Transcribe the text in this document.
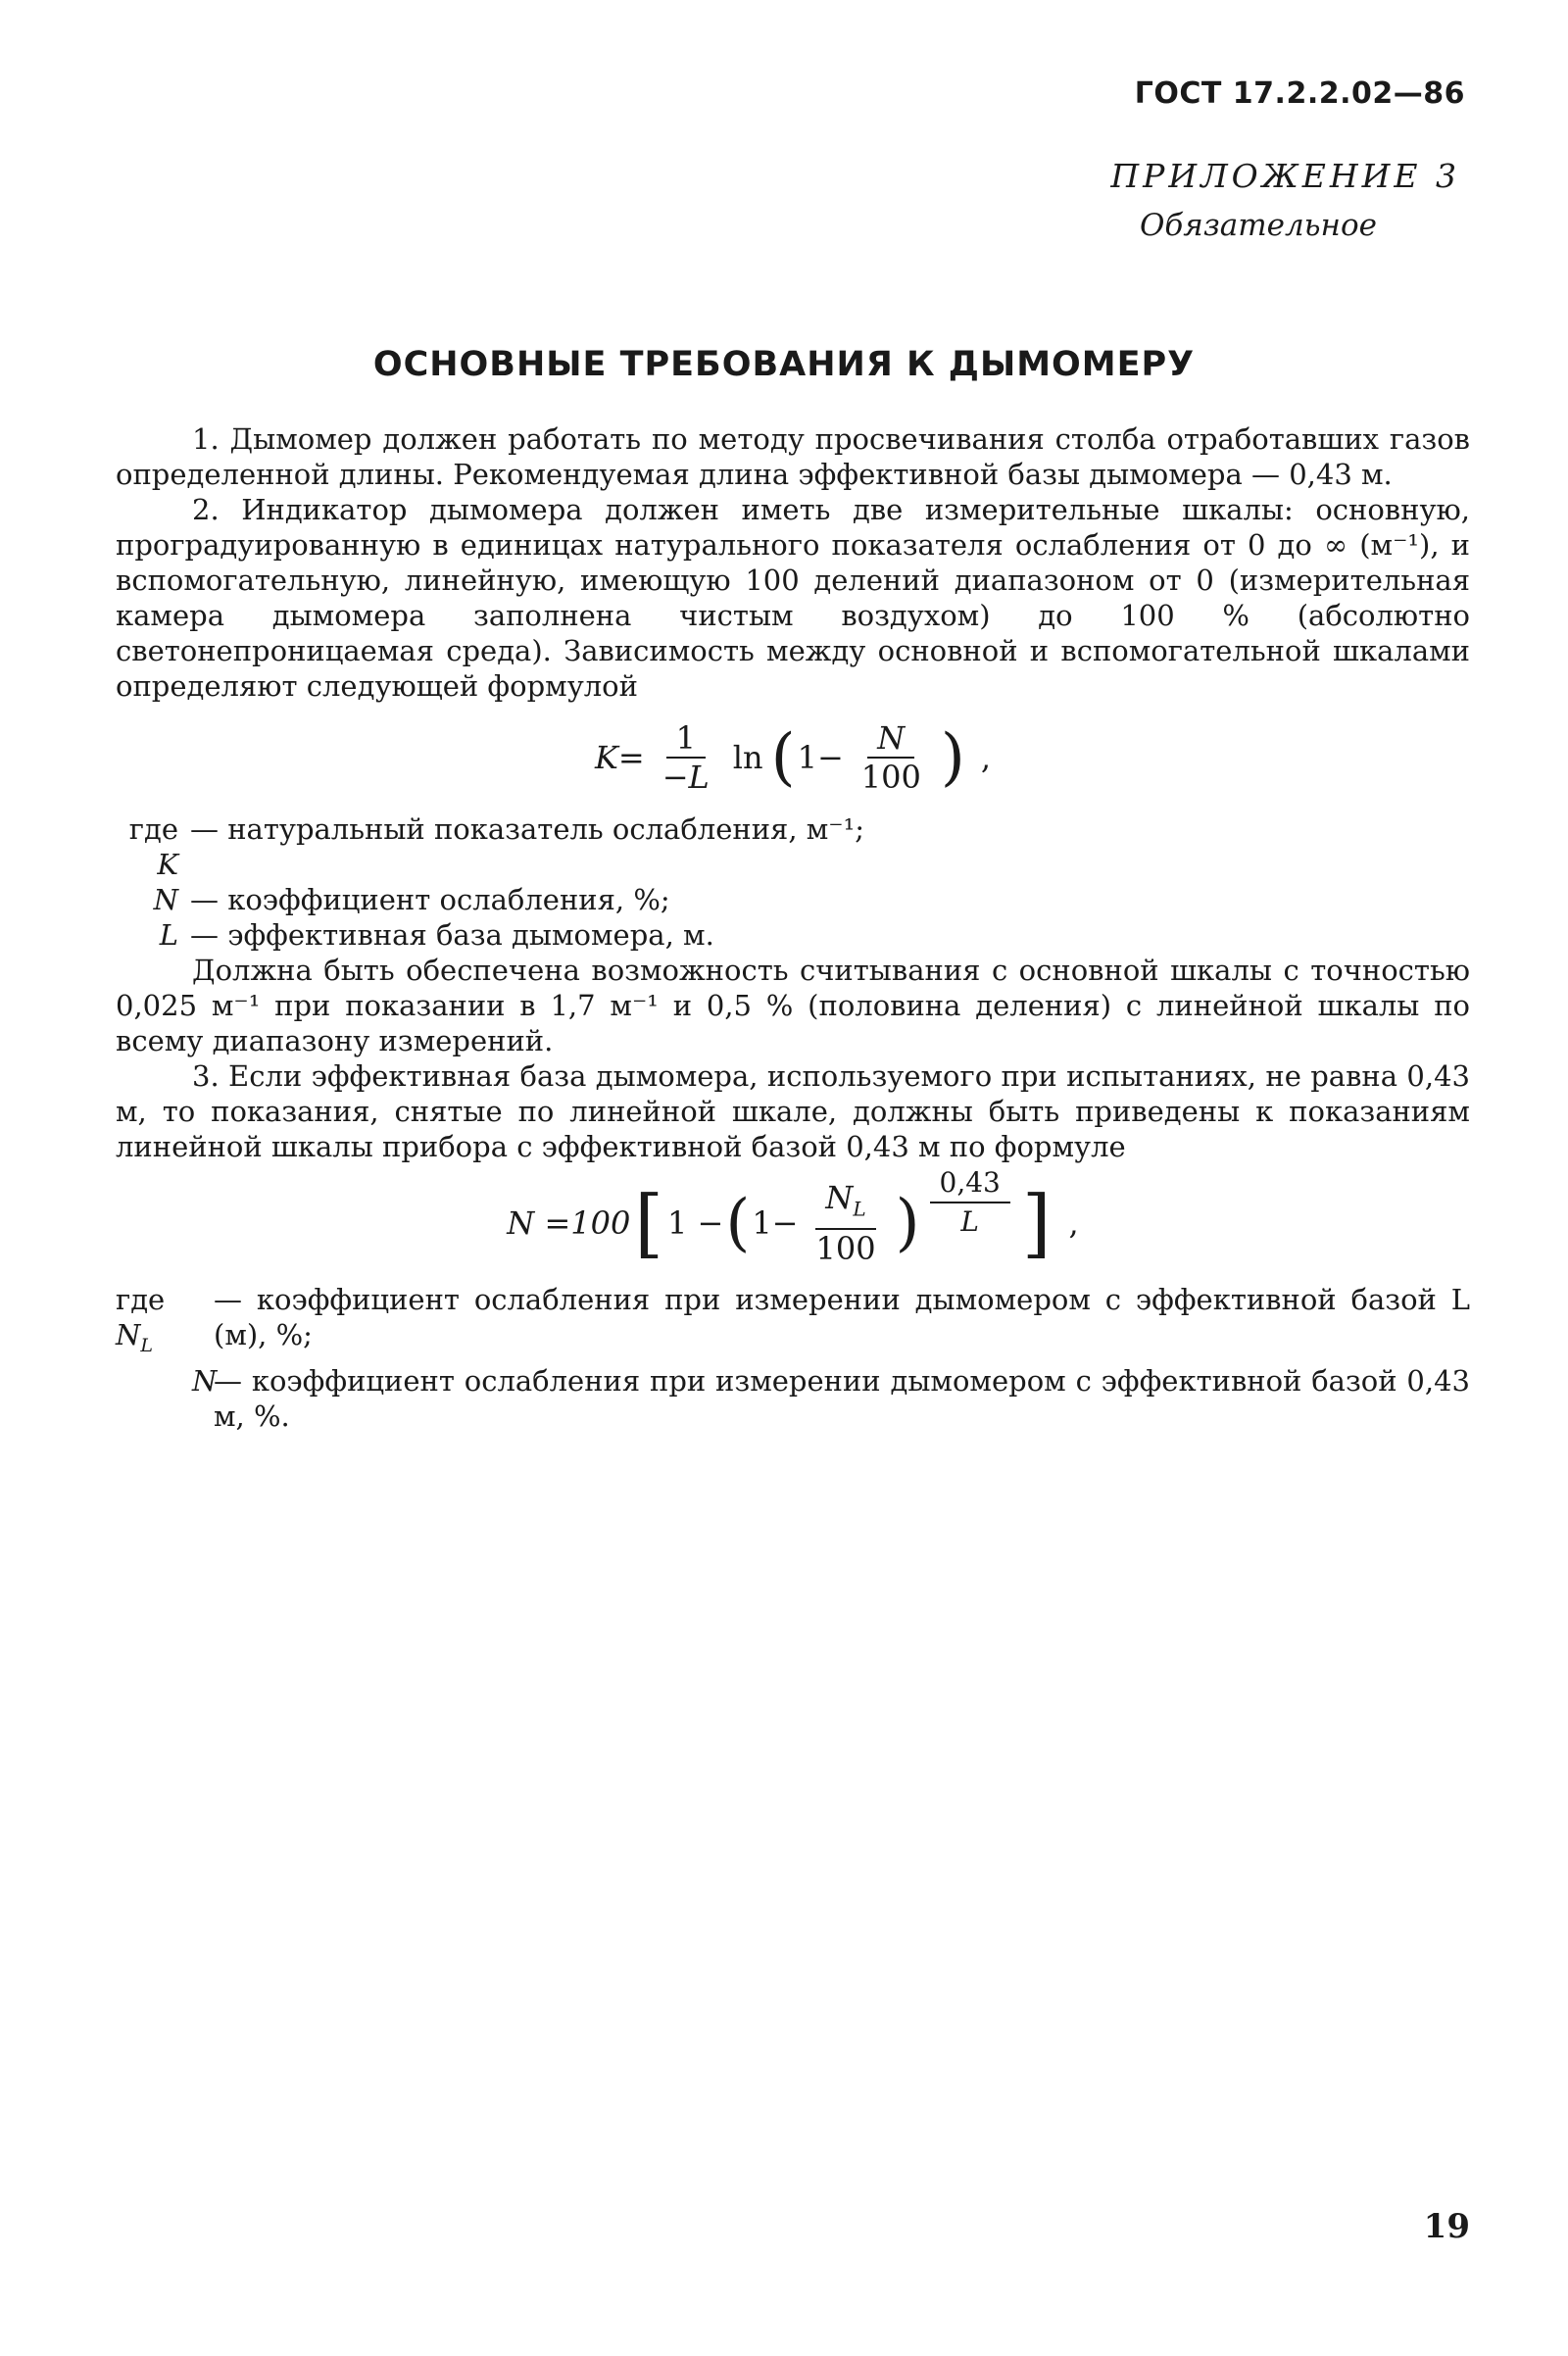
ГОСТ 17.2.2.02—86
ПРИЛОЖЕНИЕ 3
Обязательное
ОСНОВНЫЕ ТРЕБОВАНИЯ К ДЫМОМЕРУ

1. Дымомер должен работать по методу просвечивания столба отработавших газов определенной длины. Рекомендуемая длина эффективной базы дымомера — 0,43 м.

2. Индикатор дымомера должен иметь две измерительные шкалы: основную, проградуированную в единицах натурального показателя ослабления от 0 до ∞ (м⁻¹), и вспомогательную, линейную, имеющую 100 делений диапазоном от 0 (измерительная камера дымомера заполнена чистым воздухом) до 100 % (абсолютно светонепроницаемая среда). Зависимость между основной и вспомогательной шкалами определяют следующей формулой

$K= \frac{1}{-L}$ ln ( $1- \frac{N}{100}$ ) ,
где K
— натуральный показатель ослабления, м⁻¹;
N — коэффициент ослабления, %;
L — эффективная база дымомера, м.

Должна быть обеспечена возможность считывания с основной шкалы с точностью 0,025 м⁻¹ при показании в 1,7 м⁻¹ и 0,5 % (половина деления) с линейной шкалы по всему диапазону измерений.

3. Если эффективная база дымомера, используемого при испытаниях, не равна 0,43 м, то показания, снятые по линейной шкале, должны быть приведены к показаниям линейной шкалы прибора с эффективной базой 0,43 м по формуле

N =100 [ 1 − ( $1- \frac{N_L}{100}$ ) $\frac{0,43}{L}$ ] ,
где $N_L$
— коэффициент ослабления при измерении дымомером с эффективной базой L (м), %;
N
— коэффициент ослабления при измерении дымомером с эффективной базой 0,43 м, %.
19
